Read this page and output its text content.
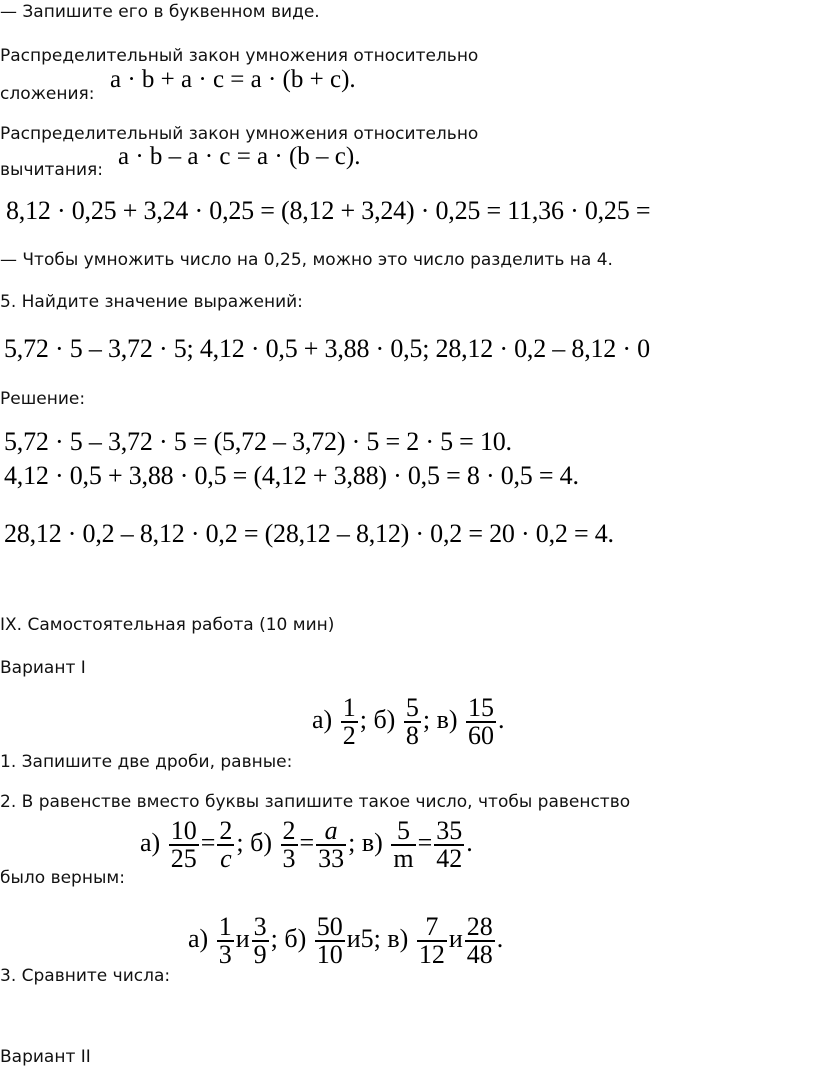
— Запишите его в буквенном виде.
Распределительный закон умножения относительно
сложения:
a · b + a · c = a · (b + c).
Распределительный закон умножения относительно
вычитания: a · b – a · c = a · (b – c).
8,12 · 0,25 + 3,24 · 0,25 = (8,12 + 3,24) · 0,25 = 11,36 · 0,25 =
— Чтобы умножить число на 0,25, можно это число разделить на 4.
5. Найдите значение выражений:
5,72 · 5 – 3,72 · 5; 4,12 · 0,5 + 3,88 · 0,5; 28,12 · 0,2 – 8,12 · 0
Решение:
5,72 · 5 – 3,72 · 5 = (5,72 – 3,72) · 5 = 2 · 5 = 10.
4,12 · 0,5 + 3,88 · 0,5 = (4,12 + 3,88) · 0,5 = 8 · 0,5 = 4.
28,12 · 0,2 – 8,12 · 0,2 = (28,12 – 8,12) · 0,2 = 20 · 0,2 = 4.
IX. Самостоятельная работа (10 мин)
Вариант I
$а) \frac{1}{2}$ ; $б) \frac{5}{8}$ ; $в) \frac{15}{60}$ .
1. Запишите две дроби, равные:
2. В равенстве вместо буквы запишите такое число, чтобы равенство
$а) \frac{10}{25} = \frac{2}{c}$ ; $б) \frac{2}{3} = \frac{a}{33}$ ; $в) \frac{5}{m} = \frac{35}{42}$ .
было верным:
$а) \frac{1}{3}$ и $\frac{3}{9}$ ; $б) \frac{50}{10} и5$; $в) \frac{7}{12}$ и $\frac{28}{48}$ .
3. Сравните числа:
Вариант II
